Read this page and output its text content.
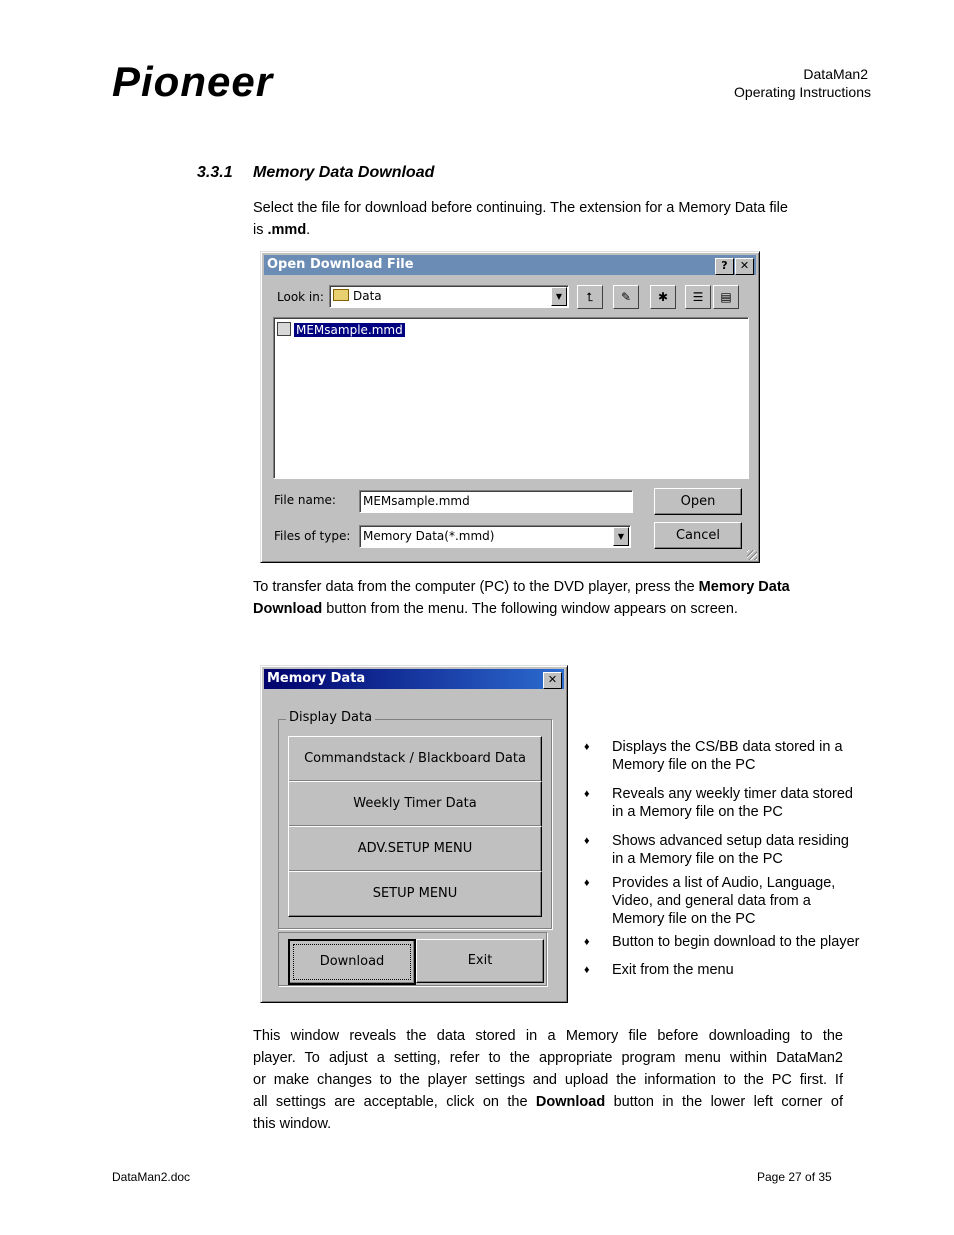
Pioneer	DataMan2
Operating Instructions
3.3.1 Memory Data Download
Select the file for download before continuing. The extension for a Memory Data file
is .mmd.
Open Download File	?	✕
Look in:	Data	▼	⮤	✎	✱	☰	▤
MEMsample.mmd
File name:	MEMsample.mmd
Files of type:	Memory Data(*.mmd)	▼
Open
Cancel
To transfer data from the computer (PC) to the DVD player, press the Memory Data
Download button from the menu. The following window appears on screen.
Memory Data	✕
Display Data
Commandstack / Blackboard Data
Weekly Timer Data
ADV.SETUP MENU
SETUP MENU
Download	Exit
♦ Displays the CS/BB data stored in a
Memory file on the PC
♦ Reveals any weekly timer data stored
in a Memory file on the PC
♦ Shows advanced setup data residing
in a Memory file on the PC
♦ Provides a list of Audio, Language,
Video, and general data from a
Memory file on the PC
♦ Button to begin download to the player
♦ Exit from the menu
This window reveals the data stored in a Memory file before downloading to the
player. To adjust a setting, refer to the appropriate program menu within DataMan2
or make changes to the player settings and upload the information to the PC first. If
all settings are acceptable, click on the Download button in the lower left corner of
this window.
DataMan2.doc	Page 27 of 35
